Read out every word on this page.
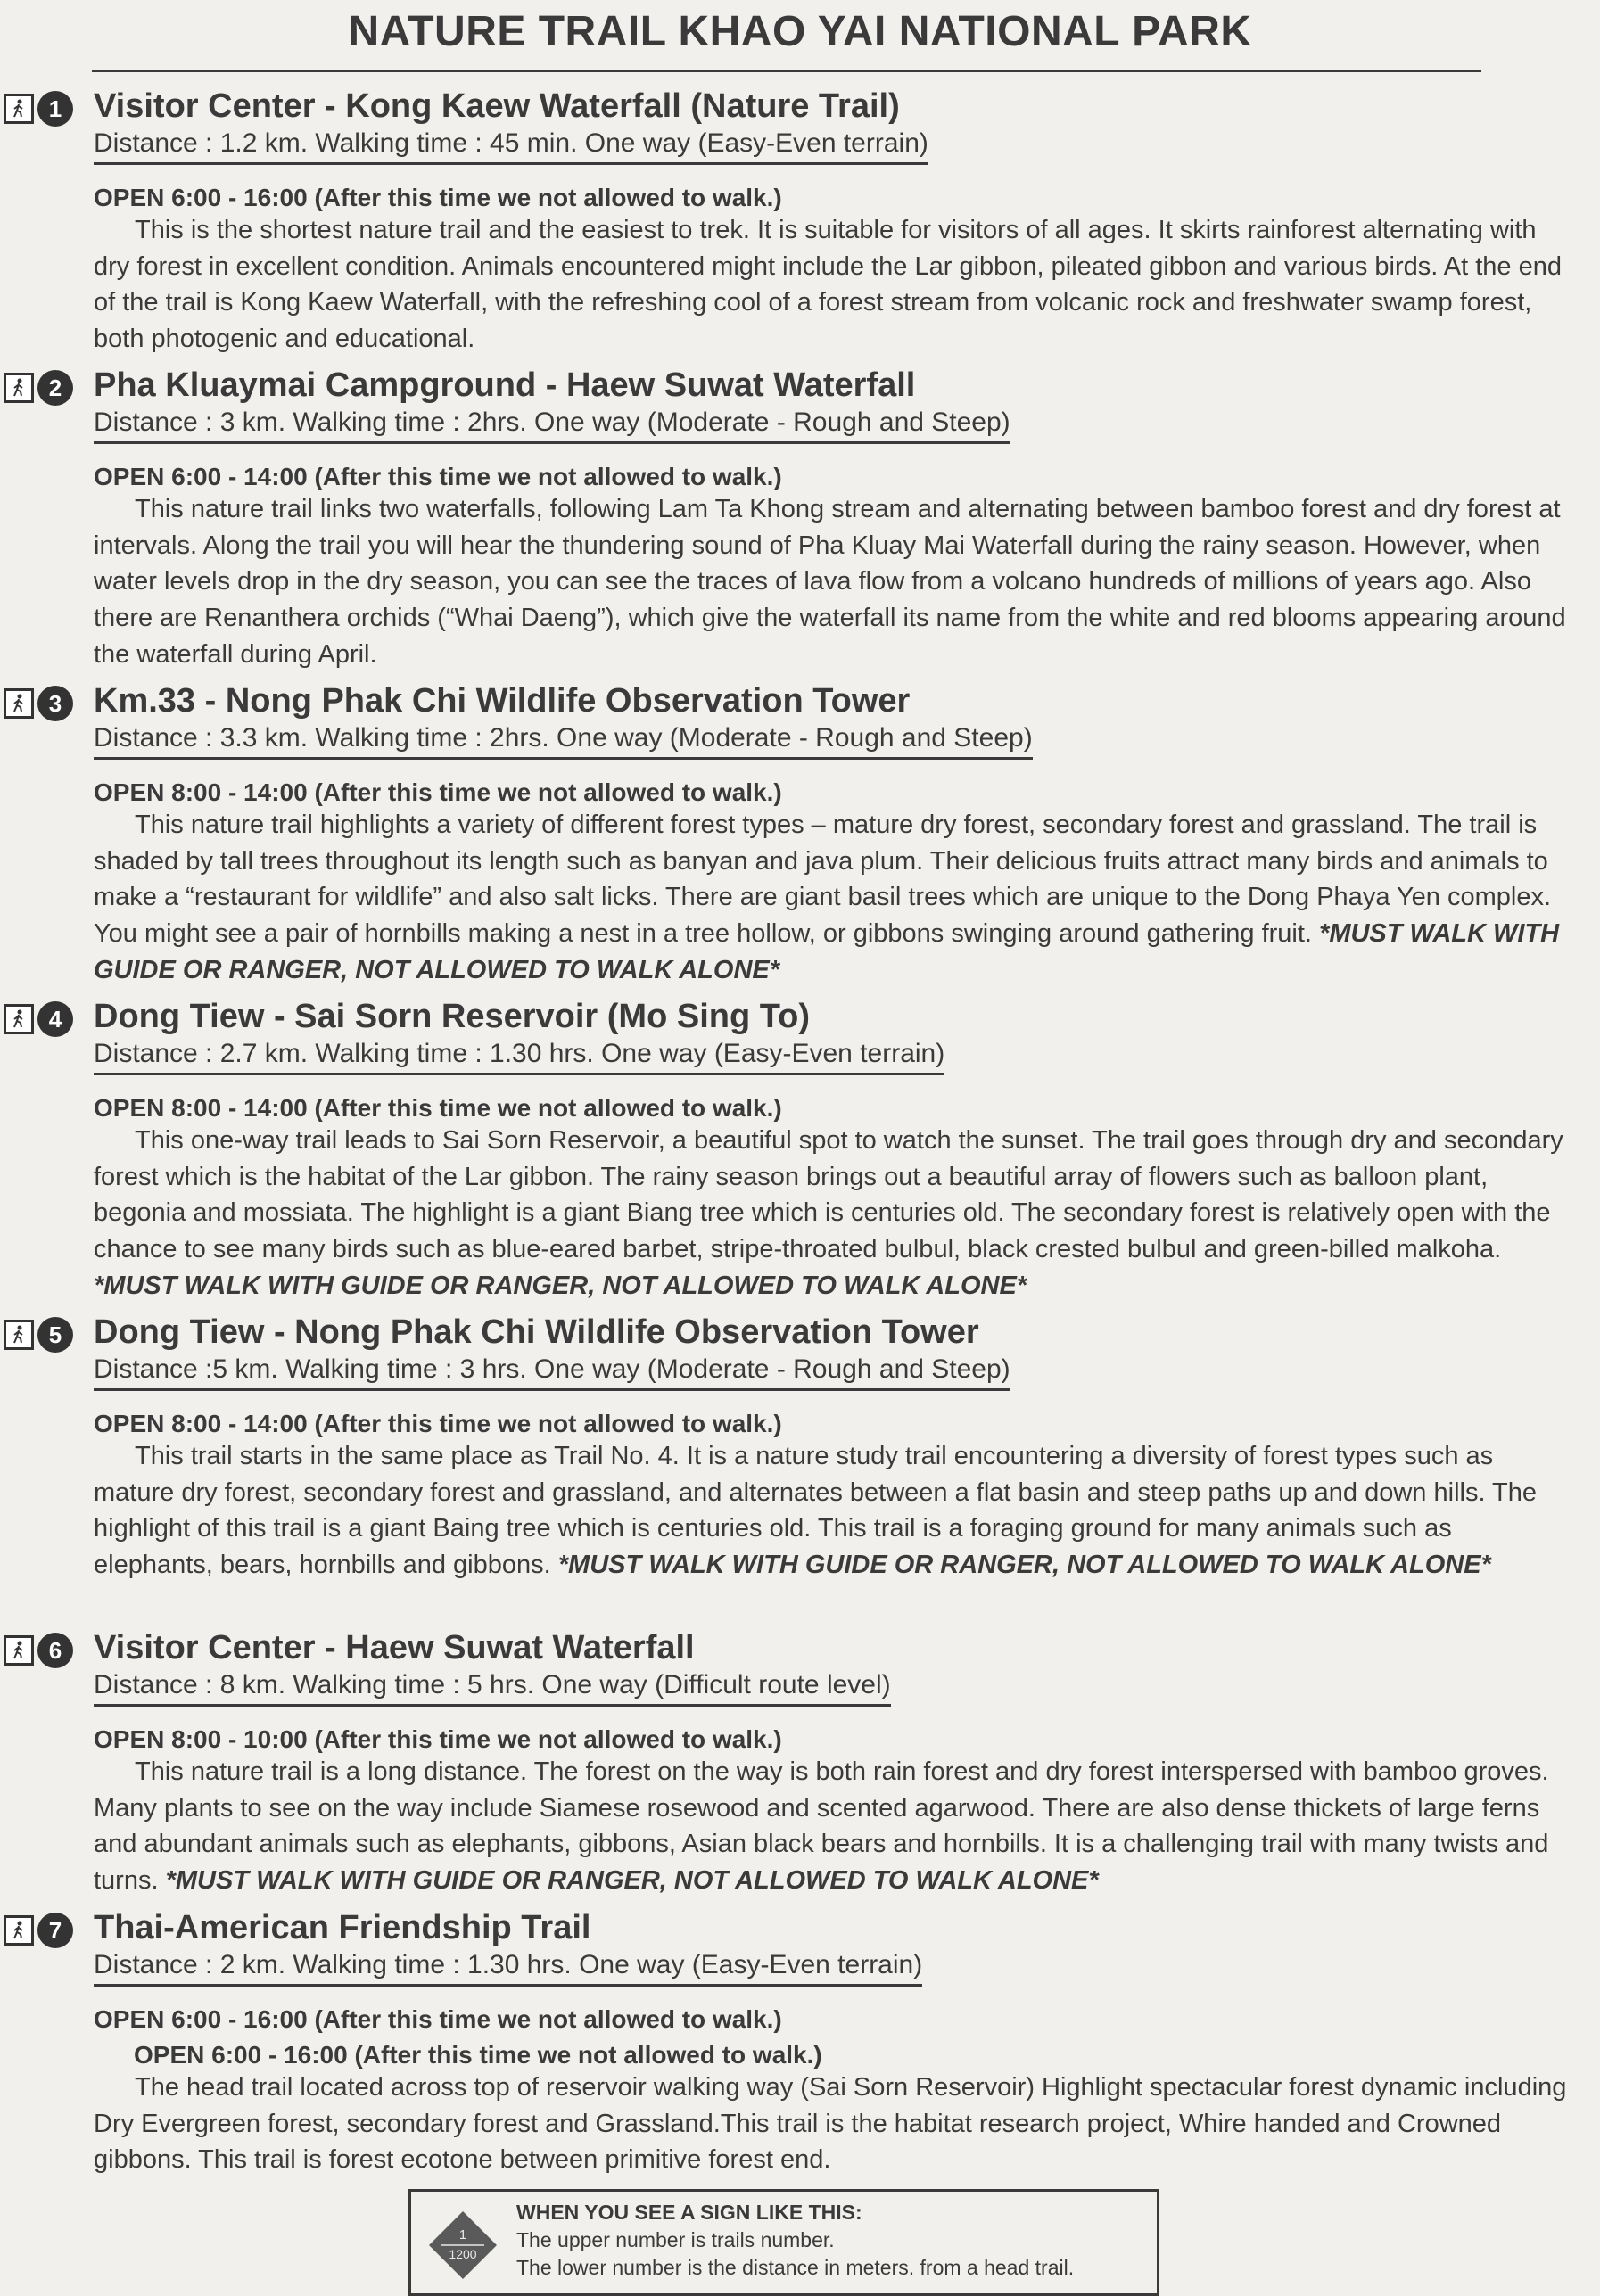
NATURE TRAIL KHAO YAI NATIONAL PARK
1 Visitor Center - Kong Kaew Waterfall (Nature Trail)
Distance : 1.2 km. Walking time : 45 min. One way (Easy-Even terrain)
OPEN 6:00 - 16:00 (After this time we not allowed to walk.)
This is the shortest nature trail and the easiest to trek. It is suitable for visitors of all ages. It skirts rainforest alternating with dry forest in excellent condition. Animals encountered might include the Lar gibbon, pileated gibbon and various birds. At the end of the trail is Kong Kaew Waterfall, with the refreshing cool of a forest stream from volcanic rock and freshwater swamp forest, both photogenic and educational.
2 Pha Kluaymai Campground - Haew Suwat Waterfall
Distance : 3 km. Walking time : 2hrs. One way (Moderate - Rough and Steep)
OPEN 6:00 - 14:00 (After this time we not allowed to walk.)
This nature trail links two waterfalls, following Lam Ta Khong stream and alternating between bamboo forest and dry forest at intervals. Along the trail you will hear the thundering sound of Pha Kluay Mai Waterfall during the rainy season. However, when water levels drop in the dry season, you can see the traces of lava flow from a volcano hundreds of millions of years ago. Also there are Renanthera orchids (“Whai Daeng”), which give the waterfall its name from the white and red blooms appearing around the waterfall during April.
3 Km.33 - Nong Phak Chi Wildlife Observation Tower
Distance : 3.3 km. Walking time : 2hrs. One way (Moderate - Rough and Steep)
OPEN 8:00 - 14:00 (After this time we not allowed to walk.)
This nature trail highlights a variety of different forest types – mature dry forest, secondary forest and grassland. The trail is shaded by tall trees throughout its length such as banyan and java plum. Their delicious fruits attract many birds and animals to make a “restaurant for wildlife” and also salt licks. There are giant basil trees which are unique to the Dong Phaya Yen complex. You might see a pair of hornbills making a nest in a tree hollow, or gibbons swinging around gathering fruit. *MUST WALK WITH GUIDE OR RANGER, NOT ALLOWED TO WALK ALONE*
4 Dong Tiew - Sai Sorn Reservoir (Mo Sing To)
Distance : 2.7 km. Walking time : 1.30 hrs. One way (Easy-Even terrain)
OPEN 8:00 - 14:00 (After this time we not allowed to walk.)
This one-way trail leads to Sai Sorn Reservoir, a beautiful spot to watch the sunset. The trail goes through dry and secondary forest which is the habitat of the Lar gibbon. The rainy season brings out a beautiful array of flowers such as balloon plant, begonia and mossiata. The highlight is a giant Biang tree which is centuries old. The secondary forest is relatively open with the chance to see many birds such as blue-eared barbet, stripe-throated bulbul, black crested bulbul and green-billed malkoha. *MUST WALK WITH GUIDE OR RANGER, NOT ALLOWED TO WALK ALONE*
5 Dong Tiew - Nong Phak Chi Wildlife Observation Tower
Distance :5 km. Walking time : 3 hrs. One way (Moderate - Rough and Steep)
OPEN 8:00 - 14:00 (After this time we not allowed to walk.)
This trail starts in the same place as Trail No. 4. It is a nature study trail encountering a diversity of forest types such as mature dry forest, secondary forest and grassland, and alternates between a flat basin and steep paths up and down hills. The highlight of this trail is a giant Baing tree which is centuries old. This trail is a foraging ground for many animals such as elephants, bears, hornbills and gibbons. *MUST WALK WITH GUIDE OR RANGER, NOT ALLOWED TO WALK ALONE*
6 Visitor Center - Haew Suwat Waterfall
Distance : 8 km. Walking time : 5 hrs. One way (Difficult route level)
OPEN 8:00 - 10:00 (After this time we not allowed to walk.)
This nature trail is a long distance. The forest on the way is both rain forest and dry forest interspersed with bamboo groves. Many plants to see on the way include Siamese rosewood and scented agarwood. There are also dense thickets of large ferns and abundant animals such as elephants, gibbons, Asian black bears and hornbills. It is a challenging trail with many twists and turns. *MUST WALK WITH GUIDE OR RANGER, NOT ALLOWED TO WALK ALONE*
7 Thai-American Friendship Trail
Distance : 2 km. Walking time : 1.30 hrs. One way (Easy-Even terrain)
OPEN 6:00 - 16:00 (After this time we not allowed to walk.)
OPEN 6:00 - 16:00 (After this time we not allowed to walk.)
The head trail located across top of reservoir walking way (Sai Sorn Reservoir) Highlight spectacular forest dynamic including Dry Evergreen forest, secondary forest and Grassland.This trail is the habitat research project, Whire handed and Crowned gibbons. This trail is forest ecotone between primitive forest end.
1
1200
WHEN YOU SEE A SIGN LIKE THIS:
The upper number is trails number.
The lower number is the distance in meters. from a head trail.
